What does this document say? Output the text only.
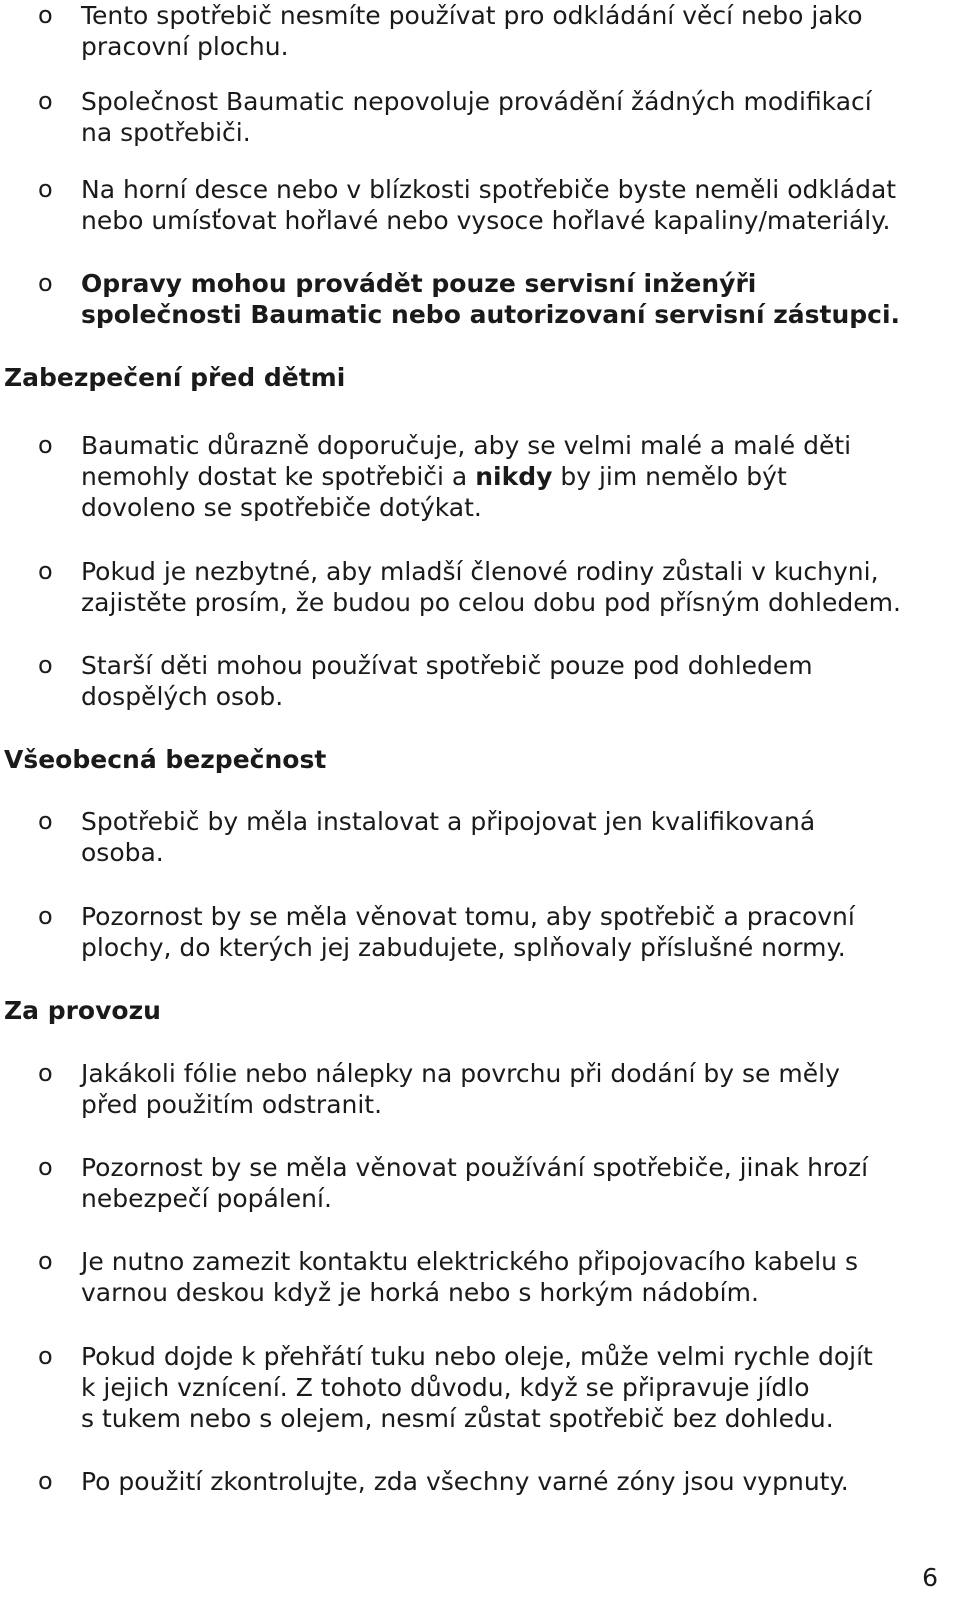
o Tento spotřebič nesmíte používat pro odkládání věcí nebo jako
pracovní plochu.
o Společnost Baumatic nepovoluje provádění žádných modifikací
na spotřebiči.
o Na horní desce nebo v blízkosti spotřebiče byste neměli odkládat
nebo umísťovat hořlavé nebo vysoce hořlavé kapaliny/materiály.
o Opravy mohou provádět pouze servisní inženýři
společnosti Baumatic nebo autorizovaní servisní zástupci.
Zabezpečení před dětmi
o Baumatic důrazně doporučuje, aby se velmi malé a malé děti
nemohly dostat ke spotřebiči a nikdy by jim nemělo být
dovoleno se spotřebiče dotýkat.
o Pokud je nezbytné, aby mladší členové rodiny zůstali v kuchyni,
zajistěte prosím, že budou po celou dobu pod přísným dohledem.
o Starší děti mohou používat spotřebič pouze pod dohledem
dospělých osob.
Všeobecná bezpečnost
o Spotřebič by měla instalovat a připojovat jen kvalifikovaná
osoba.
o Pozornost by se měla věnovat tomu, aby spotřebič a pracovní
plochy, do kterých jej zabudujete, splňovaly příslušné normy.
Za provozu
o Jakákoli fólie nebo nálepky na povrchu při dodání by se měly
před použitím odstranit.
o Pozornost by se měla věnovat používání spotřebiče, jinak hrozí
nebezpečí popálení.
o Je nutno zamezit kontaktu elektrického připojovacího kabelu s
varnou deskou když je horká nebo s horkým nádobím.
o Pokud dojde k přehřátí tuku nebo oleje, může velmi rychle dojít
k jejich vznícení. Z tohoto důvodu, když se připravuje jídlo
s tukem nebo s olejem, nesmí zůstat spotřebič bez dohledu.
o Po použití zkontrolujte, zda všechny varné zóny jsou vypnuty.
6
